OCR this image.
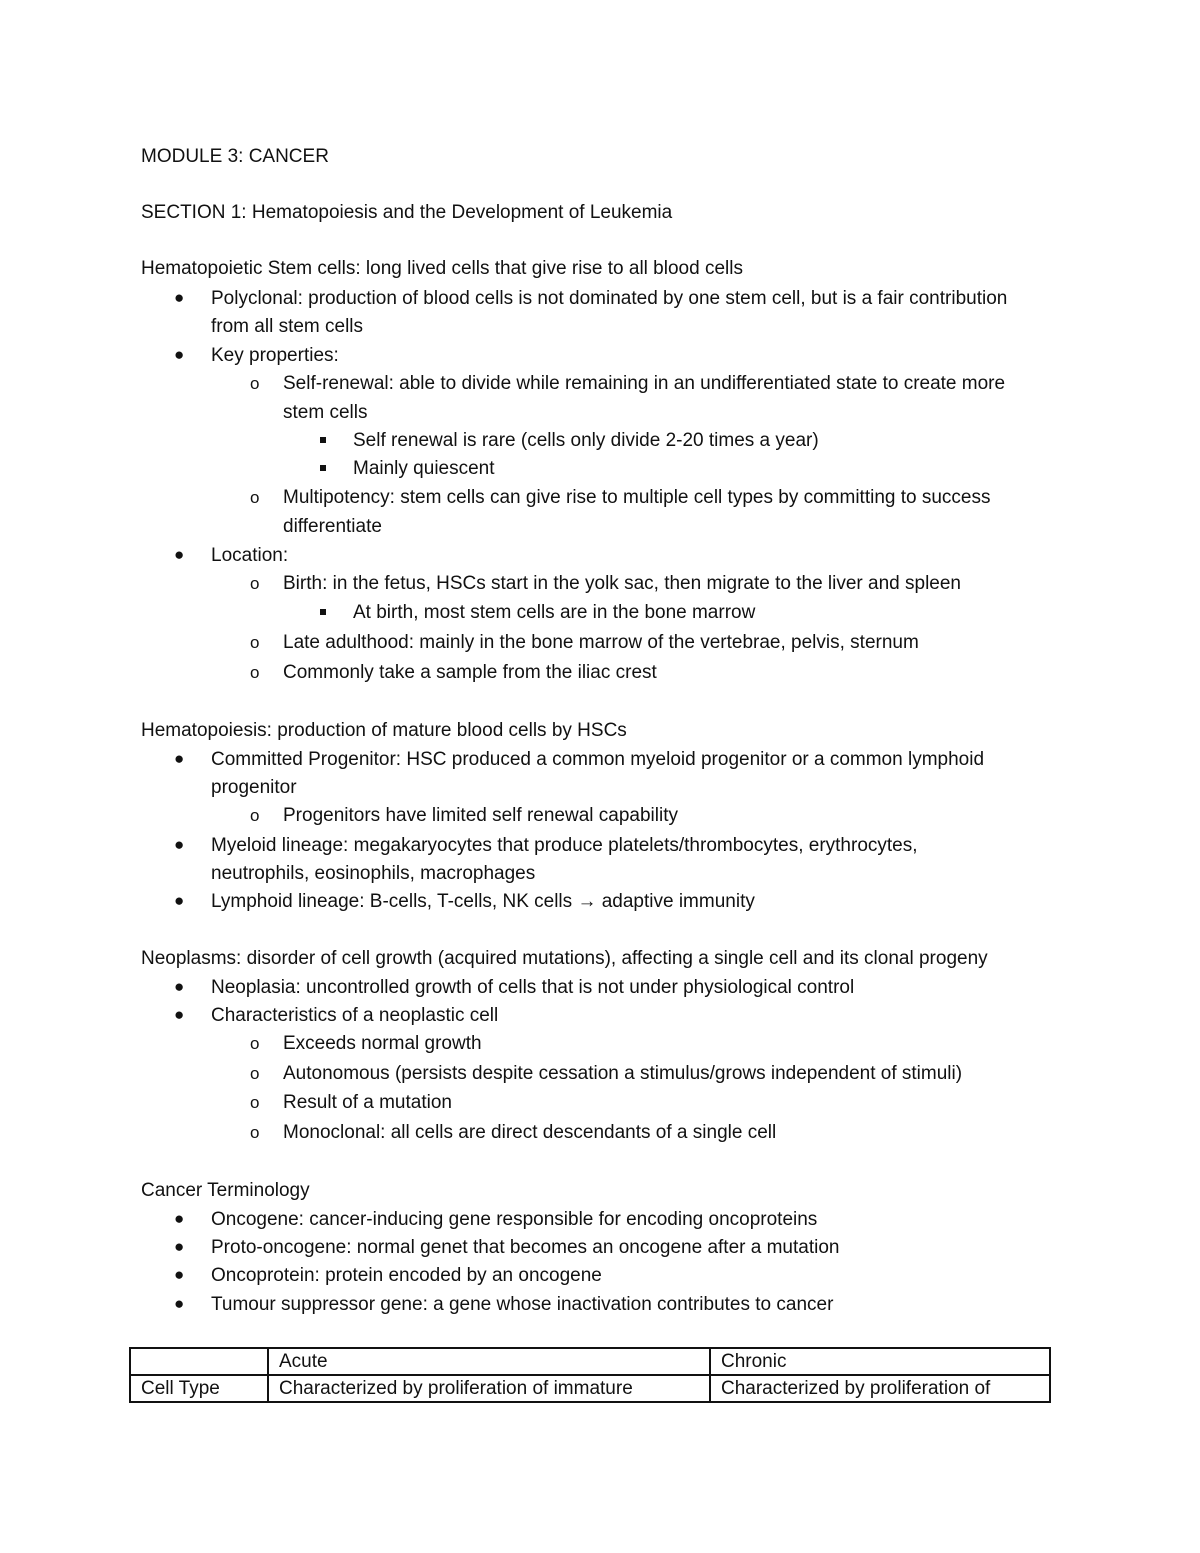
MODULE 3: CANCER
SECTION 1: Hematopoiesis and the Development of Leukemia
Hematopoietic Stem cells: long lived cells that give rise to all blood cells
● Polyclonal: production of blood cells is not dominated by one stem cell, but is a fair contribution
from all stem cells
● Key properties:
o Self-renewal: able to divide while remaining in an undifferentiated state to create more
stem cells
Self renewal is rare (cells only divide 2-20 times a year)
Mainly quiescent
o Multipotency: stem cells can give rise to multiple cell types by committing to success
differentiate
● Location:
o Birth: in the fetus, HSCs start in the yolk sac, then migrate to the liver and spleen
At birth, most stem cells are in the bone marrow
o Late adulthood: mainly in the bone marrow of the vertebrae, pelvis, sternum
o Commonly take a sample from the iliac crest
Hematopoiesis: production of mature blood cells by HSCs
● Committed Progenitor: HSC produced a common myeloid progenitor or a common lymphoid
progenitor
o Progenitors have limited self renewal capability
● Myeloid lineage: megakaryocytes that produce platelets/thrombocytes, erythrocytes,
neutrophils, eosinophils, macrophages
● Lymphoid lineage: B-cells, T-cells, NK cells → adaptive immunity
Neoplasms: disorder of cell growth (acquired mutations), affecting a single cell and its clonal progeny
● Neoplasia: uncontrolled growth of cells that is not under physiological control
● Characteristics of a neoplastic cell
o Exceeds normal growth
o Autonomous (persists despite cessation a stimulus/grows independent of stimuli)
o Result of a mutation
o Monoclonal: all cells are direct descendants of a single cell
Cancer Terminology
● Oncogene: cancer-inducing gene responsible for encoding oncoproteins
● Proto-oncogene: normal genet that becomes an oncogene after a mutation
● Oncoprotein: protein encoded by an oncogene
● Tumour suppressor gene: a gene whose inactivation contributes to cancer
	Acute	Chronic
Cell Type	Characterized by proliferation of immature	Characterized by proliferation of
